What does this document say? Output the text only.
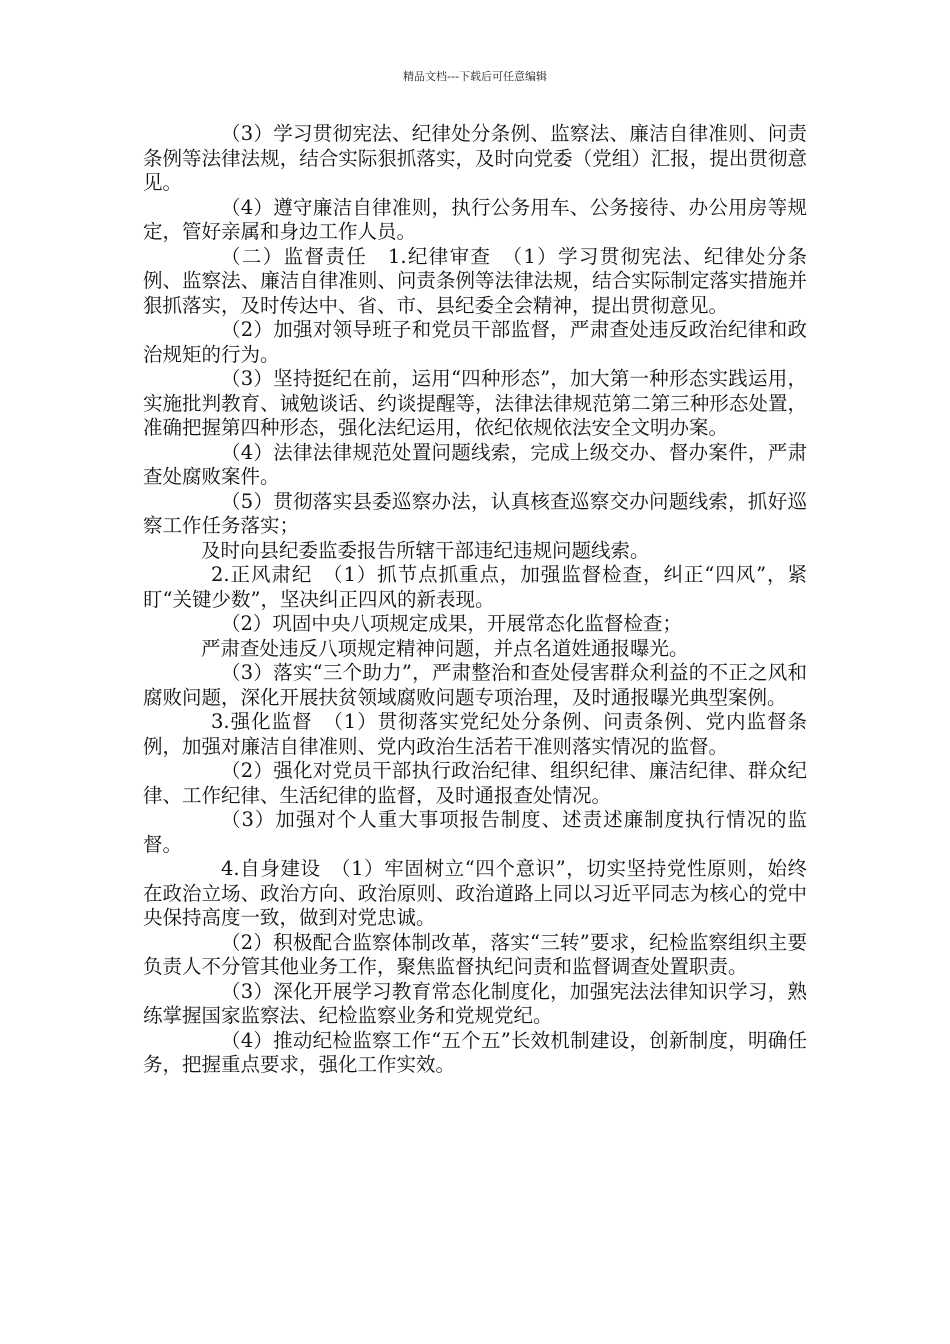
精品文档---下载后可任意编辑

（3）学习贯彻宪法、纪律处分条例、监察法、廉洁自律准则、问责条例等法律法规，结合实际狠抓落实，及时向党委（党组）汇报，提出贯彻意见。

（4）遵守廉洁自律准则，执行公务用车、公务接待、办公用房等规定，管好亲属和身边工作人员。

（二）监督责任　1.纪律审查　（1）学习贯彻宪法、纪律处分条例、监察法、廉洁自律准则、问责条例等法律法规，结合实际制定落实措施并狠抓落实，及时传达中、省、市、县纪委全会精神，提出贯彻意见。

（2）加强对领导班子和党员干部监督，严肃查处违反政治纪律和政治规矩的行为。

（3）坚持挺纪在前，运用“四种形态”，加大第一种形态实践运用，实施批判教育、诫勉谈话、约谈提醒等，法律法律规范第二第三种形态处置，准确把握第四种形态，强化法纪运用，依纪依规依法安全文明办案。

（4）法律法律规范处置问题线索，完成上级交办、督办案件，严肃查处腐败案件。

（5）贯彻落实县委巡察办法，认真核查巡察交办问题线索，抓好巡察工作任务落实；

及时向县纪委监委报告所辖干部违纪违规问题线索。

2.正风肃纪　（1）抓节点抓重点，加强监督检查，纠正“四风”，紧盯“关键少数”，坚决纠正四风的新表现。

（2）巩固中央八项规定成果，开展常态化监督检查；

严肃查处违反八项规定精神问题，并点名道姓通报曝光。

（3）落实“三个助力”，严肃整治和查处侵害群众利益的不正之风和腐败问题，深化开展扶贫领域腐败问题专项治理，及时通报曝光典型案例。

3.强化监督　（1）贯彻落实党纪处分条例、问责条例、党内监督条例，加强对廉洁自律准则、党内政治生活若干准则落实情况的监督。

（2）强化对党员干部执行政治纪律、组织纪律、廉洁纪律、群众纪律、工作纪律、生活纪律的监督，及时通报查处情况。

（3）加强对个人重大事项报告制度、述责述廉制度执行情况的监督。

4.自身建设　（1）牢固树立“四个意识”，切实坚持党性原则，始终在政治立场、政治方向、政治原则、政治道路上同以习近平同志为核心的党中央保持高度一致，做到对党忠诚。

（2）积极配合监察体制改革，落实“三转”要求，纪检监察组织主要负责人不分管其他业务工作，聚焦监督执纪问责和监督调查处置职责。

（3）深化开展学习教育常态化制度化，加强宪法法律知识学习，熟练掌握国家监察法、纪检监察业务和党规党纪。

（4）推动纪检监察工作“五个五”长效机制建设，创新制度，明确任务，把握重点要求，强化工作实效。
